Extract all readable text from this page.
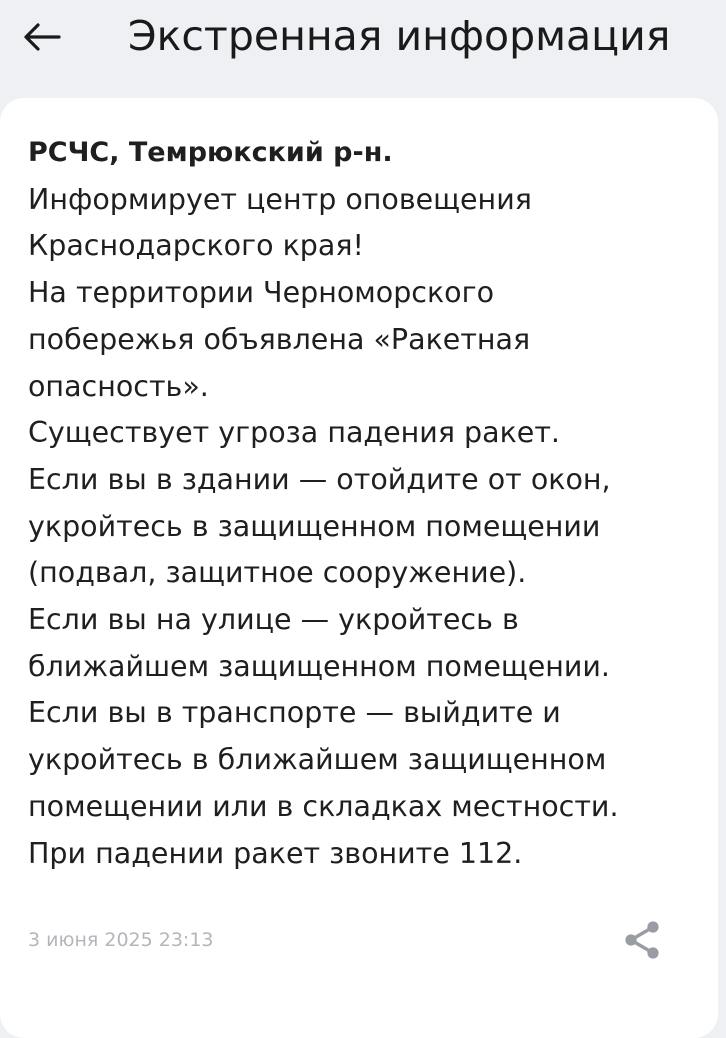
Экстренная информация
РСЧС, Темрюкский р-н.
Информирует центр оповещения
Краснодарского края!
На территории Черноморского
побережья объявлена «Ракетная
опасность».
Существует угроза падения ракет.
Если вы в здании — отойдите от окон,
укройтесь в защищенном помещении
(подвал, защитное сооружение).
Если вы на улице — укройтесь в
ближайшем защищенном помещении.
Если вы в транспорте — выйдите и
укройтесь в ближайшем защищенном
помещении или в складках местности.
При падении ракет звоните 112.
3 июня 2025 23:13
